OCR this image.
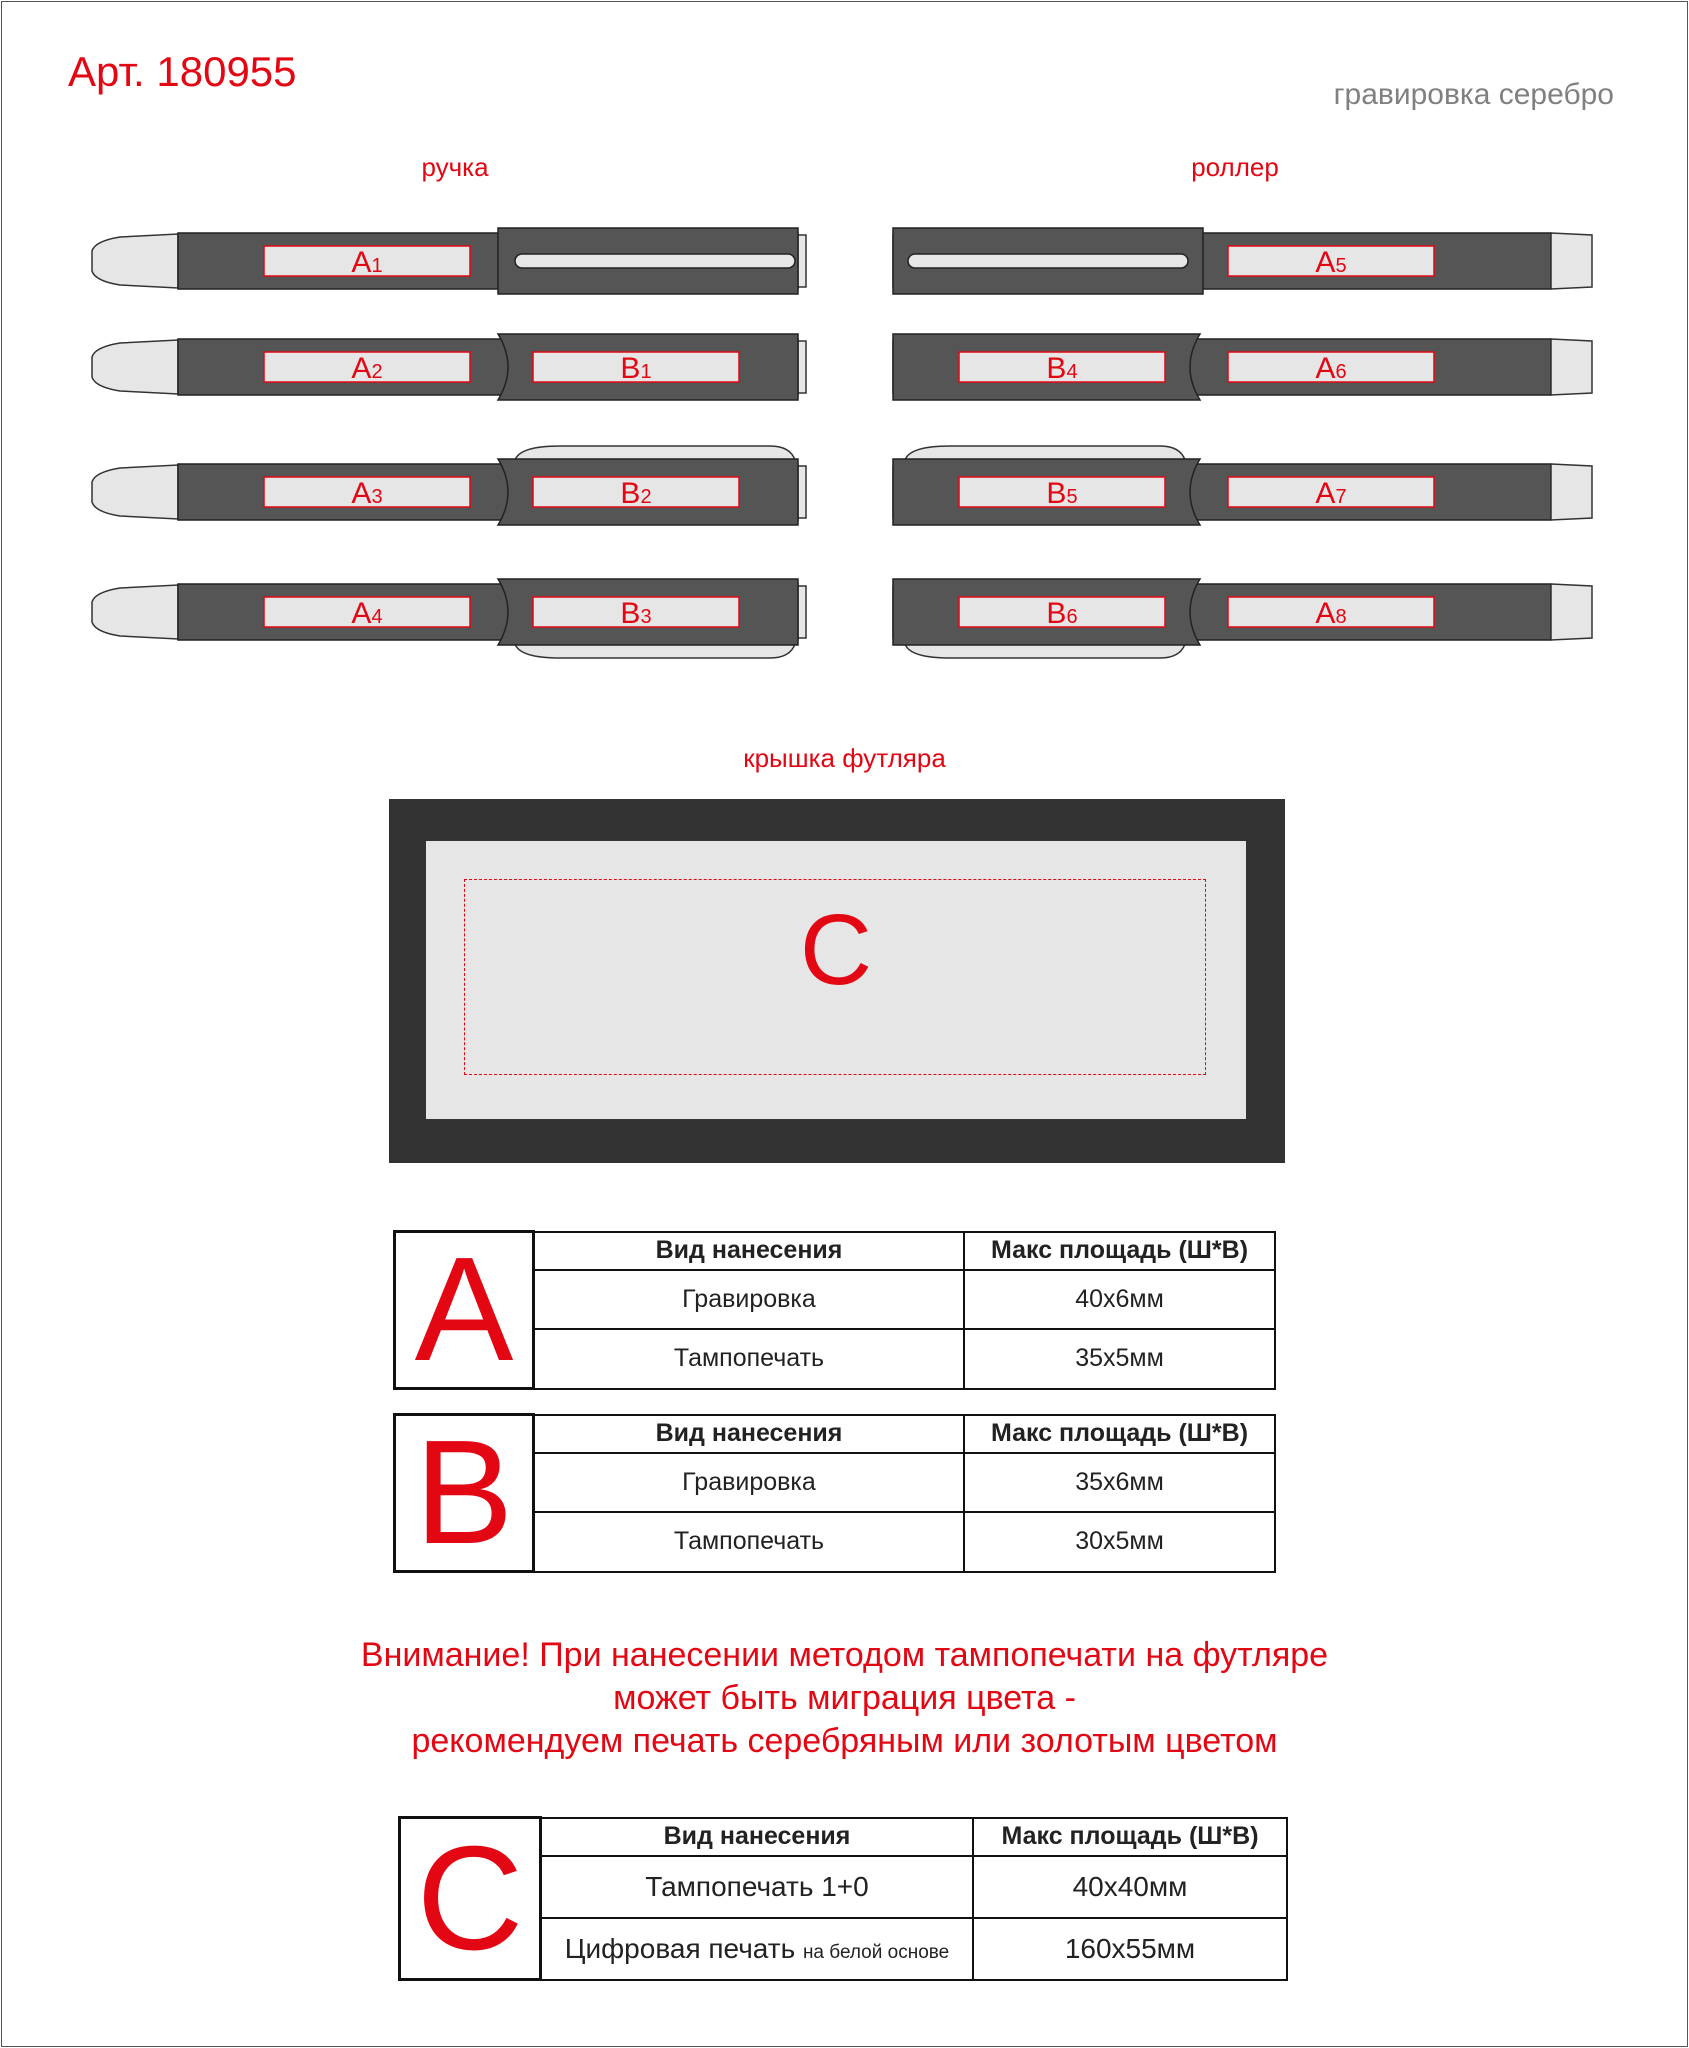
Арт. 180955	гравировка серебро
ручка	роллер
A1
A2	B1
A3	B2
A4	B3
A5
B4	A6
B5	A7
B6	A8
крышка футляра
C
A	Вид нанесения	Макс площадь (Ш*В)
	Гравировка	40x6мм
	Тампопечать	35x5мм
B	Вид нанесения	Макс площадь (Ш*В)
	Гравировка	35x6мм
	Тампопечать	30x5мм
Внимание! При нанесении методом тампопечати на футляре
может быть миграция цвета -
рекомендуем печать серебряным или золотым цветом
C	Вид нанесения	Макс площадь (Ш*В)
	Тампопечать 1+0	40x40мм
	Цифровая печать на белой основе	160x55мм
